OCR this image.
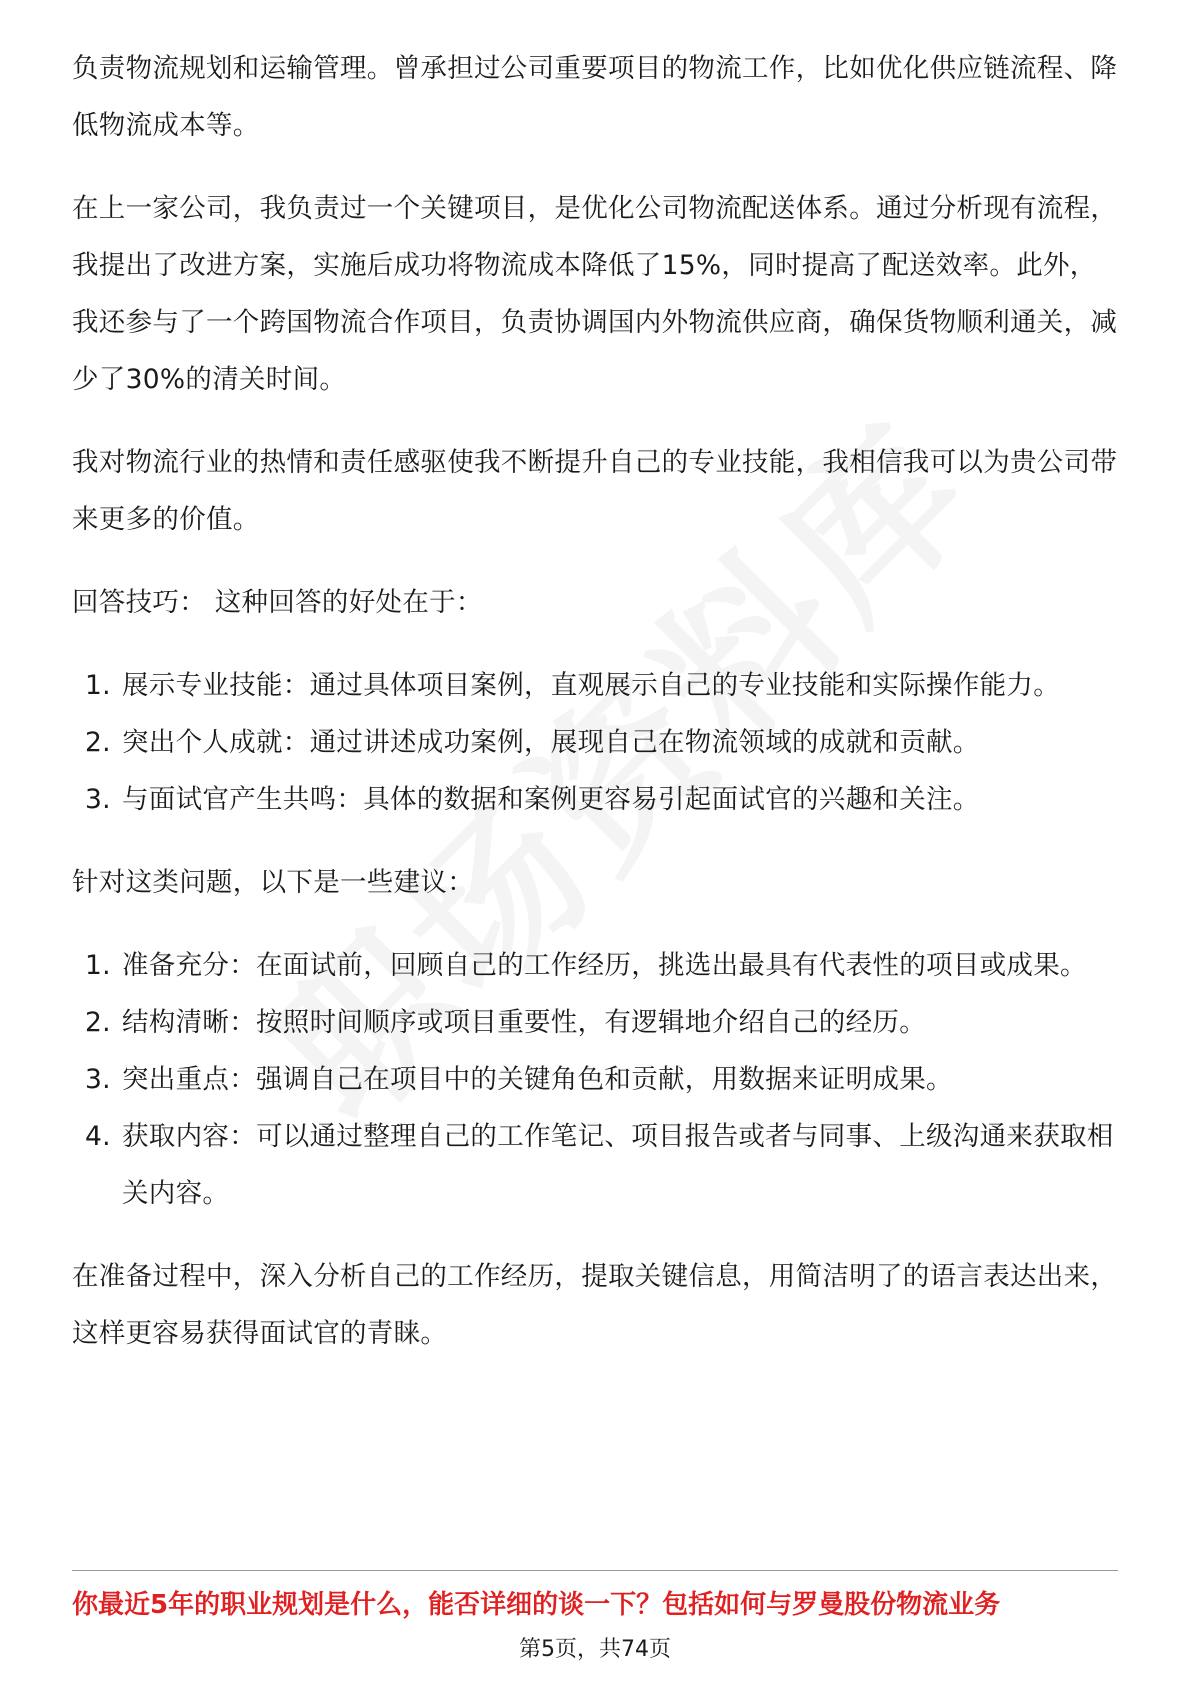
负责物流规划和运输管理。曾承担过公司重要项目的物流工作，比如优化供应链流程、降低物流成本等。

在上一家公司，我负责过一个关键项目，是优化公司物流配送体系。通过分析现有流程，我提出了改进方案，实施后成功将物流成本降低了15%，同时提高了配送效率。此外，我还参与了一个跨国物流合作项目，负责协调国内外物流供应商，确保货物顺利通关，减少了30%的清关时间。

我对物流行业的热情和责任感驱使我不断提升自己的专业技能，我相信我可以为贵公司带来更多的价值。

回答技巧： 这种回答的好处在于：

1. 展示专业技能：通过具体项目案例，直观展示自己的专业技能和实际操作能力。
2. 突出个人成就：通过讲述成功案例，展现自己在物流领域的成就和贡献。
3. 与面试官产生共鸣：具体的数据和案例更容易引起面试官的兴趣和关注。

针对这类问题，以下是一些建议：

1. 准备充分：在面试前，回顾自己的工作经历，挑选出最具有代表性的项目或成果。
2. 结构清晰：按照时间顺序或项目重要性，有逻辑地介绍自己的经历。
3. 突出重点：强调自己在项目中的关键角色和贡献，用数据来证明成果。
4. 获取内容：可以通过整理自己的工作笔记、项目报告或者与同事、上级沟通来获取相关内容。

在准备过程中，深入分析自己的工作经历，提取关键信息，用简洁明了的语言表达出来，这样更容易获得面试官的青睐。

你最近5年的职业规划是什么，能否详细的谈一下？包括如何与罗曼股份物流业务
第5页，共74页
